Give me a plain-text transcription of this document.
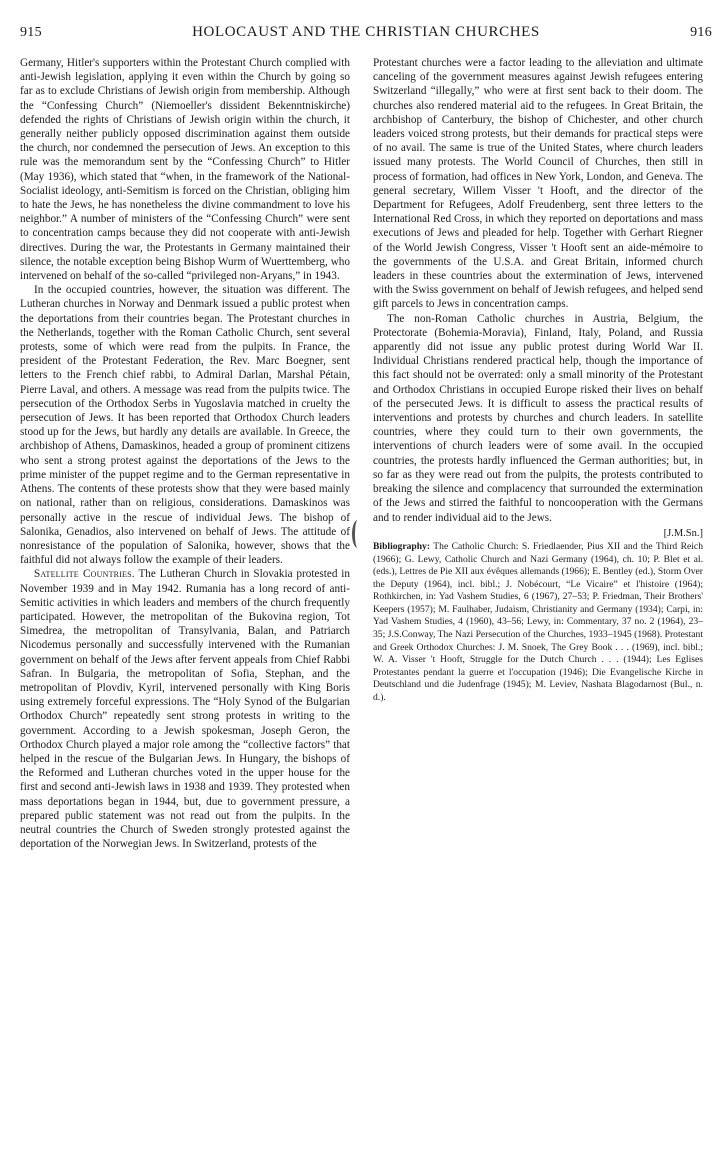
915	HOLOCAUST AND THE CHRISTIAN CHURCHES	916

Germany, Hitler's supporters within the Protestant Church complied with anti-Jewish legislation, applying it even within the Church by going so far as to exclude Christians of Jewish origin from membership. Although the “Confessing Church” (Niemoeller's dissident Bekenntniskirche) defended the rights of Christians of Jewish origin within the church, it generally neither publicly opposed discrimination against them outside the church, nor condemned the persecution of Jews. An exception to this rule was the memorandum sent by the “Confessing Church” to Hitler (May 1936), which stated that “when, in the framework of the National-Socialist ideology, anti-Semitism is forced on the Christian, obliging him to hate the Jews, he has nonetheless the divine commandment to love his neighbor.” A number of ministers of the “Confessing Church” were sent to concentration camps because they did not cooperate with anti-Jewish directives. During the war, the Protestants in Germany maintained their silence, the notable exception being Bishop Wurm of Wuerttemberg, who intervened on behalf of the so-called “privileged non-Aryans,” in 1943.

In the occupied countries, however, the situation was different. The Lutheran churches in Norway and Denmark issued a public protest when the deportations from their countries began. The Protestant churches in the Netherlands, together with the Roman Catholic Church, sent several protests, some of which were read from the pulpits. In France, the president of the Protestant Federation, the Rev. Marc Boegner, sent letters to the French chief rabbi, to Admiral Darlan, Marshal Pétain, Pierre Laval, and others. A message was read from the pulpits twice. The persecution of the Orthodox Serbs in Yugoslavia matched in cruelty the persecution of Jews. It has been reported that Orthodox Church leaders stood up for the Jews, but hardly any details are available. In Greece, the archbishop of Athens, Damaskinos, headed a group of prominent citizens who sent a strong protest against the deportations of the Jews to the prime minister of the puppet regime and to the German representative in Athens. The contents of these protests show that they were based mainly on national, rather than on religious, considerations. Damaskinos was personally active in the rescue of individual Jews. The bishop of Salonika, Genadios, also intervened on behalf of Jews. The attitude of nonresistance of the population of Salonika, however, shows that the faithful did not always follow the example of their leaders.

Satellite Countries. The Lutheran Church in Slovakia protested in November 1939 and in May 1942. Rumania has a long record of anti-Semitic activities in which leaders and members of the church frequently participated. However, the metropolitan of the Bukovina region, Tot Simedrea, the metropolitan of Transylvania, Balan, and Patriarch Nicodemus personally and successfully intervened with the Rumanian government on behalf of the Jews after fervent appeals from Chief Rabbi Safran. In Bulgaria, the metropolitan of Sofia, Stephan, and the metropolitan of Plovdiv, Kyril, intervened personally with King Boris using extremely forceful expressions. The “Holy Synod of the Bulgarian Orthodox Church” repeatedly sent strong protests in writing to the government. According to a Jewish spokesman, Joseph Geron, the Orthodox Church played a major role among the “collective factors” that helped in the rescue of the Bulgarian Jews. In Hungary, the bishops of the Reformed and Lutheran churches voted in the upper house for the first and second anti-Jewish laws in 1938 and 1939. They protested when mass deportations began in 1944, but, due to government pressure, a prepared public statement was not read out from the pulpits. In the neutral countries the Church of Sweden strongly protested against the deportation of the Norwegian Jews. In Switzerland, protests of the

Protestant churches were a factor leading to the alleviation and ultimate canceling of the government measures against Jewish refugees entering Switzerland “illegally,” who were at first sent back to their doom. The churches also rendered material aid to the refugees. In Great Britain, the archbishop of Canterbury, the bishop of Chichester, and other church leaders voiced strong protests, but their demands for practical steps were of no avail. The same is true of the United States, where church leaders issued many protests. The World Council of Churches, then still in process of formation, had offices in New York, London, and Geneva. The general secretary, Willem Visser 't Hooft, and the director of the Department for Refugees, Adolf Freudenberg, sent three letters to the International Red Cross, in which they reported on deportations and mass executions of Jews and pleaded for help. Together with Gerhart Riegner of the World Jewish Congress, Visser 't Hooft sent an aide-mémoire to the governments of the U.S.A. and Great Britain, informed church leaders in these countries about the extermination of Jews, intervened with the Swiss government on behalf of Jewish refugees, and helped send gift parcels to Jews in concentration camps.

The non-Roman Catholic churches in Austria, Belgium, the Protectorate (Bohemia-Moravia), Finland, Italy, Poland, and Russia apparently did not issue any public protest during World War II. Individual Christians rendered practical help, though the importance of this fact should not be overrated: only a small minority of the Protestant and Orthodox Christians in occupied Europe risked their lives on behalf of the persecuted Jews. It is difficult to assess the practical results of interventions and protests by churches and church leaders. In satellite countries, where they could turn to their own governments, the interventions of church leaders were of some avail. In the occupied countries, the protests hardly influenced the German authorities; but, in so far as they were read out from the pulpits, the protests contributed to breaking the silence and complacency that surrounded the extermination of the Jews and stirred the faithful to noncooperation with the Germans and to render individual aid to the Jews.

[J.M.Sn.]

Bibliography: The Catholic Church: S. Friedlaender, Pius XII and the Third Reich (1966); G. Lewy, Catholic Church and Nazi Germany (1964), ch. 10; P. Blet et al. (eds.), Lettres de Pie XII aux évêques allemands (1966); E. Bentley (ed.), Storm Over the Deputy (1964), incl. bibl.; J. Nobécourt, “Le Vicaire” et l'histoire (1964); Rothkirchen, in: Yad Vashem Studies, 6 (1967), 27–53; P. Friedman, Their Brothers' Keepers (1957); M. Faulhaber, Judaism, Christianity and Germany (1934); Carpi, in: Yad Vashem Studies, 4 (1960), 43–56; Lewy, in: Commentary, 37 no. 2 (1964), 23–35; J.S.Conway, The Nazi Persecution of the Churches, 1933–1945 (1968). Protestant and Greek Orthodox Churches: J. M. Snoek, The Grey Book . . . (1969), incl. bibl.; W. A. Visser 't Hooft, Struggle for the Dutch Church . . . (1944); Les Eglises Protestantes pendant la guerre et l'occupation (1946); Die Evangelische Kirche in Deutschland und die Judenfrage (1945); M. Leviev, Nashata Blagodarnost (Bul., n. d.).
